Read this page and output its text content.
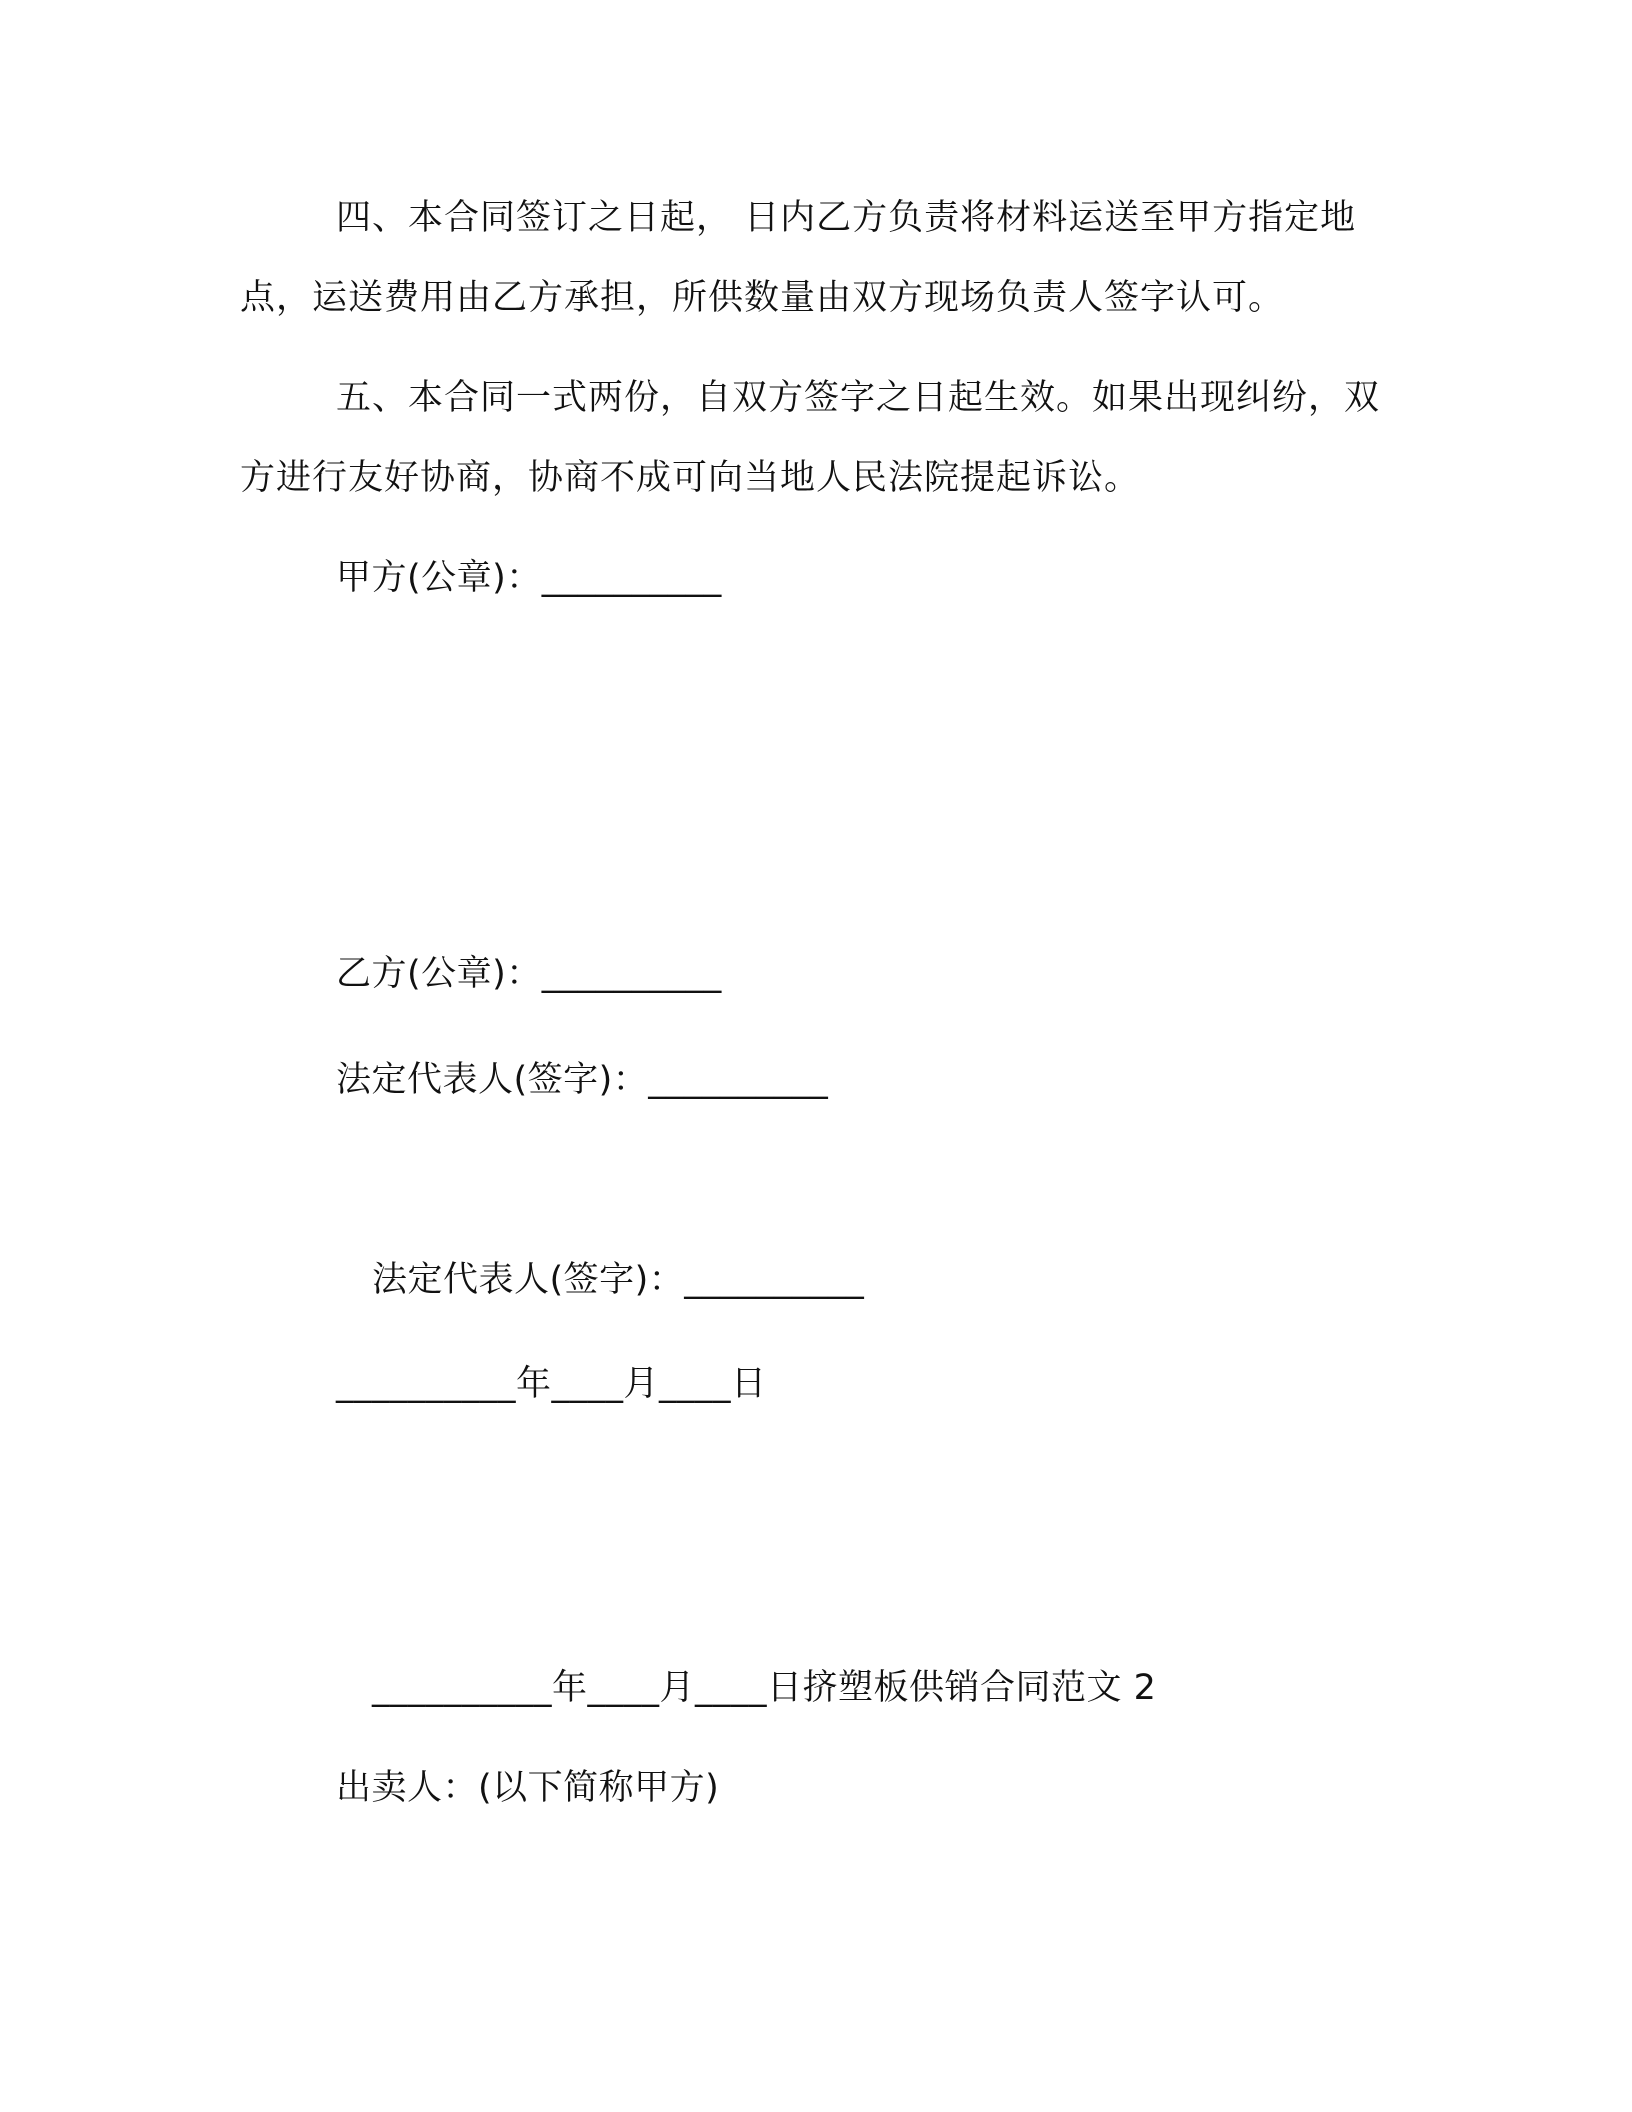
四、本合同签订之日起， 日内乙方负责将材料运送至甲方指定地点，运送费用由乙方承担，所供数量由双方现场负责人签字认可。
五、本合同一式两份，自双方签字之日起生效。如果出现纠纷，双方进行友好协商，协商不成可向当地人民法院提起诉讼。
甲方(公章)：__________
乙方(公章)：__________
法定代表人(签字)：__________
法定代表人(签字)：__________
__________年____月____日
__________年____月____日挤塑板供销合同范文 2
出卖人：(以下简称甲方)
